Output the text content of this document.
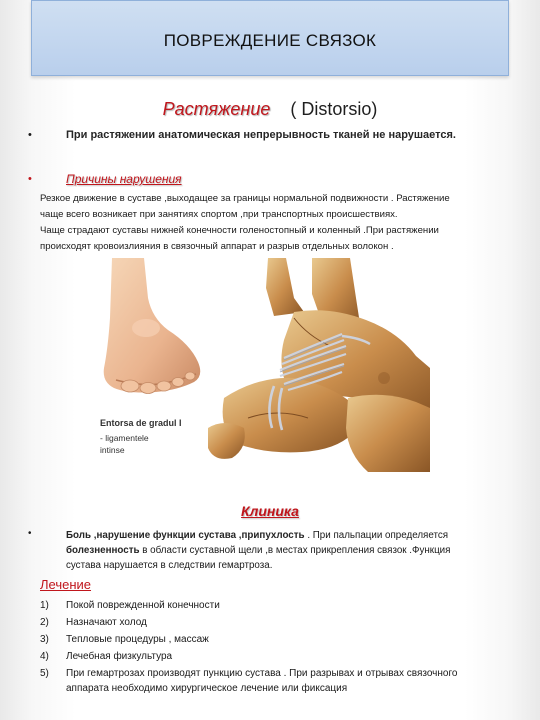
ПОВРЕЖДЕНИЕ СВЯЗОК
Растяжение ( Distorsio)
•	При растяжении анатомическая непрерывность тканей не нарушается.
•	Причины нарушения
Резкое движение в суставе ,выходащее за границы нормальной подвижности . Растяжение
чаще всего возникает при занятиях спортом ,при транспортных происшествиях.
Чаще страдают суставы нижней конечности голеностопный и коленный .При растяжении
происходят кровоизлияния в связочный аппарат и разрыв отдельных волокон .
Entorsa de gradul I
- ligamentele
intinse
Клиника
•	Боль ,нарушение функции сустава ,припухлость . При пальпации определяется
болезненность в области суставной щели ,в местах прикрепления связок .Функция
сустава нарушается в следствии гемартроза.
Лечение
1) Покой поврежденной конечности
2) Назначают холод
3) Тепловые процедуры , массаж
4) Лечебная физкультура
5) При гемартрозах производят пункцию сустава . При разрывах и отрывах связочного
аппарата необходимо хирургическое лечение или фиксация
